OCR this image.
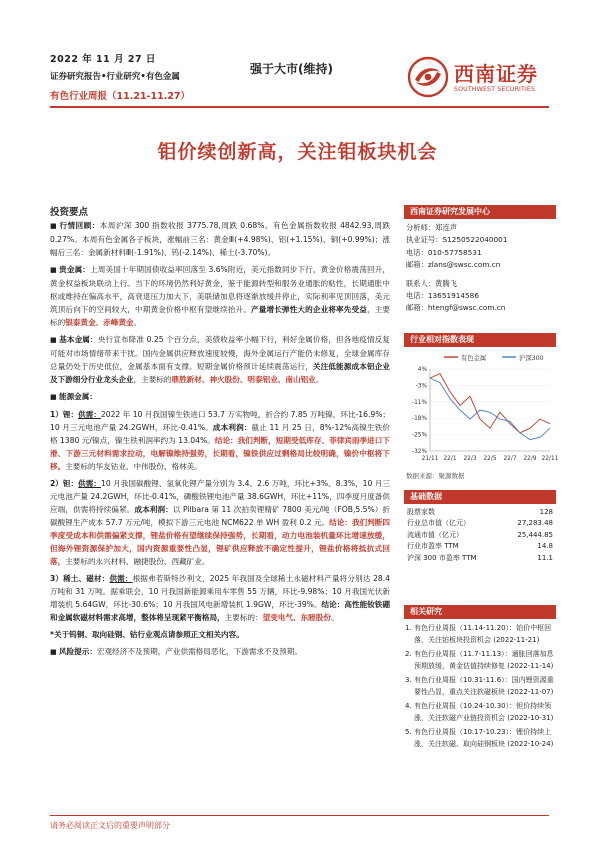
2022 年 11 月 27 日
证券研究报告•行业研究•有色金属
有色行业周报（11.21-11.27）
强于大市(维持)	西南证券
SOUTHWEST SECURITIES
钼价续创新高，关注钼板块机会
投资要点
■ 行情回顾：本周沪深 300 指数收报 3775.78,周跌 0.68%。有色金属指数收报 4842.93,周跌 0.27%。本周有色金属各子板块，涨幅前三名：黄金Ⅲ(+4.98%)、铝(+1.15%)、铜(+0.99%)；涨幅后三名：金属新材料Ⅲ(-1.91%)、钨(-2.14%)、稀土(-3.70%)。
■ 贵金属：上周美国十年期国债收益率回落至 3.6%附近，美元指数同步下行，黄金价格震荡回升，黄金权益板块联动上行。当下的环境仍然利好黄金，鉴于能源转型和服务业通胀的粘性，长期通胀中枢或维持在偏高水平，高衰退压力加大下，美联储加息将逐渐放缓并停止，实际利率见顶回落，美元筑顶后向下的空间较大，中期黄金价格中枢有望继续抬升。产量增长弹性大的企业将率先受益，主要标的银泰黄金、赤峰黄金。
■ 基本金属：央行宣布降准 0.25 个百分点，美债收益率小幅下行，利好金属价格，但各地疫情反复可能对市场情绪带来干扰。国内金属供应释放速度较慢，海外金属运行产能仍未修复，全球金属库存总量仍处于历史低位，金属基本面有支撑。短期金属价格预计延续震荡运行，关注低能源成本铝企业及下游细分行业龙头企业，主要标的鼎胜新材、神火股份、明泰铝业、南山铝业。
■ 能源金属：
1）锂：供需：2022 年 10 月我国镍生铁进口 53.7 万实物吨，折合约 7.85 万吨镍，环比-16.9%；10 月三元电池产量 24.2GWH，环比-0.41%。成本利润：截止 11 月 25 日，8%-12%高镍生铁价格 1380 元/镍点，镍生铁利润率约为 13.04%。结论：我们判断，短期受低库存、菲律宾雨季进口下滑、下游三元材料需求拉动，电解镍维持强势，长期看，镍铁供应过剩格局比较明确，镍价中枢将下移。主要标的华友钴业、中伟股份、格林美。
2）钽：供需：10 月我国碳酸锂、氢氧化锂产量分别为 3.4、2.6 万吨，环比+3%、8.3%，10 月三元电池产量 24.2GWH，环比-0.41%，磷酸铁锂电池产量 38.6GWH，环比+11%，四季度月度备供应端，供需将持续偏紧。成本利润：以 Pilbara 第 11 次拍卖锂精矿 7800 美元/吨（FOB,5.5%）折碳酸锂生产成本 57.7 万元/吨，模拟下游三元电池 NCM622 单 WH 盈利 0.2 元。结论：我们判断四季度受成本和供需偏紧支撑，锂盐价格有望继续保持强势，长期看，动力电池装机量环比增速放缓，但海外锂资源保护加大，国内资源重要性凸显，锂矿供应释放不确定性提升，锂盐价格将抵抗式回落，主要标的永兴材料、融捷股份、西藏矿业。
3）稀土、磁材：供需：根据弗若斯特沙利文，2025 年我国及全球稀土永磁材料产量将分别达 28.4 万吨和 31 万吨。据乘联会，10 月我国新能源乘用车零售 55 万辆，环比-9.98%；10 月我国光伏新增装机 5.64GW，环比-30.6%；10 月我国风电新增装机 1.9GW，环比-39%。结论：高性能钕铁硼和金属软磁材料需求高增，整体将呈现紧平衡格局，主要标的：望变电气、东睦股份。
*关于钨铜、取向硅钢、钴行业观点请参照正文相关内容。
■ 风险提示：宏观经济不及预期，产业供需格局恶化，下游需求不及预期。
西南证券研究发展中心
分析师：郑连声
执业证号：S1250522040001
电话：010-57758531
邮箱：zlans@swsc.com.cn
联系人：黄腾飞
电话：13651914586
邮箱：htengf@swsc.com.cn
行业相对指数表现
有色金属	沪深300
4%
-3%
-11%
-18%
-25%
-32%
21/11 22/1 22/3 22/5 22/7 22/9 22/11
数据来源：聚源数据
基础数据
股票家数	128
行业总市值（亿元）	27,283.48
流通市值（亿元）	25,444.85
行业市盈率 TTM	14.8
沪深 300 市盈率 TTM	11.1
相关研究
1. 有色行业周报（11.14-11.20）：铂价中枢回落，关注铂板块投资机会 (2022-11-21)
2. 有色行业周报（11.7-11.13）：通胀回落加息预期放缓，黄金估值持续修复 (2022-11-14)
3. 有色行业周报（10.31-11.6）：国内锂资源重要性凸显，重点关注软磁板块 (2022-11-07)
4. 有色行业周报（10.24-10.30）：钽价持续领涨，关注软磁产业链投资机会 (2022-10-31)
5. 有色行业周报（10.17-10.23）：锂价持续上涨，关注软磁、取向硅钢板块 (2022-10-24)
请务必阅读正文后的重要声明部分
